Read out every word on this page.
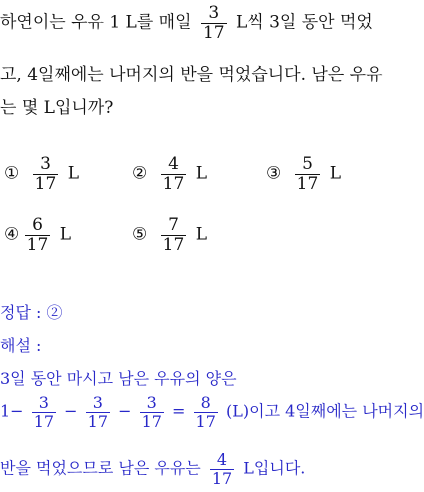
하연이는 우유 1 L를 매일 $\frac{3}{17}$ L씩 3일 동안 먹었
고, 4일째에는 나머지의 반을 먹었습니다. 남은 우유
는 몇 L입니까?
① $\frac{3}{17}$ L	② $\frac{4}{17}$ L	③ $\frac{5}{17}$ L
④ $\frac{6}{17}$ L	⑤ $\frac{7}{17}$ L
정답 : ②
해설 :
3일 동안 마시고 남은 우유의 양은
$1- \frac{3}{17} - \frac{3}{17} - \frac{3}{17} = \frac{8}{17} (L)$이고 4일째에는 나머지의
반을 먹었으므로 남은 우유는 $\frac{4}{17}$ L입니다.
